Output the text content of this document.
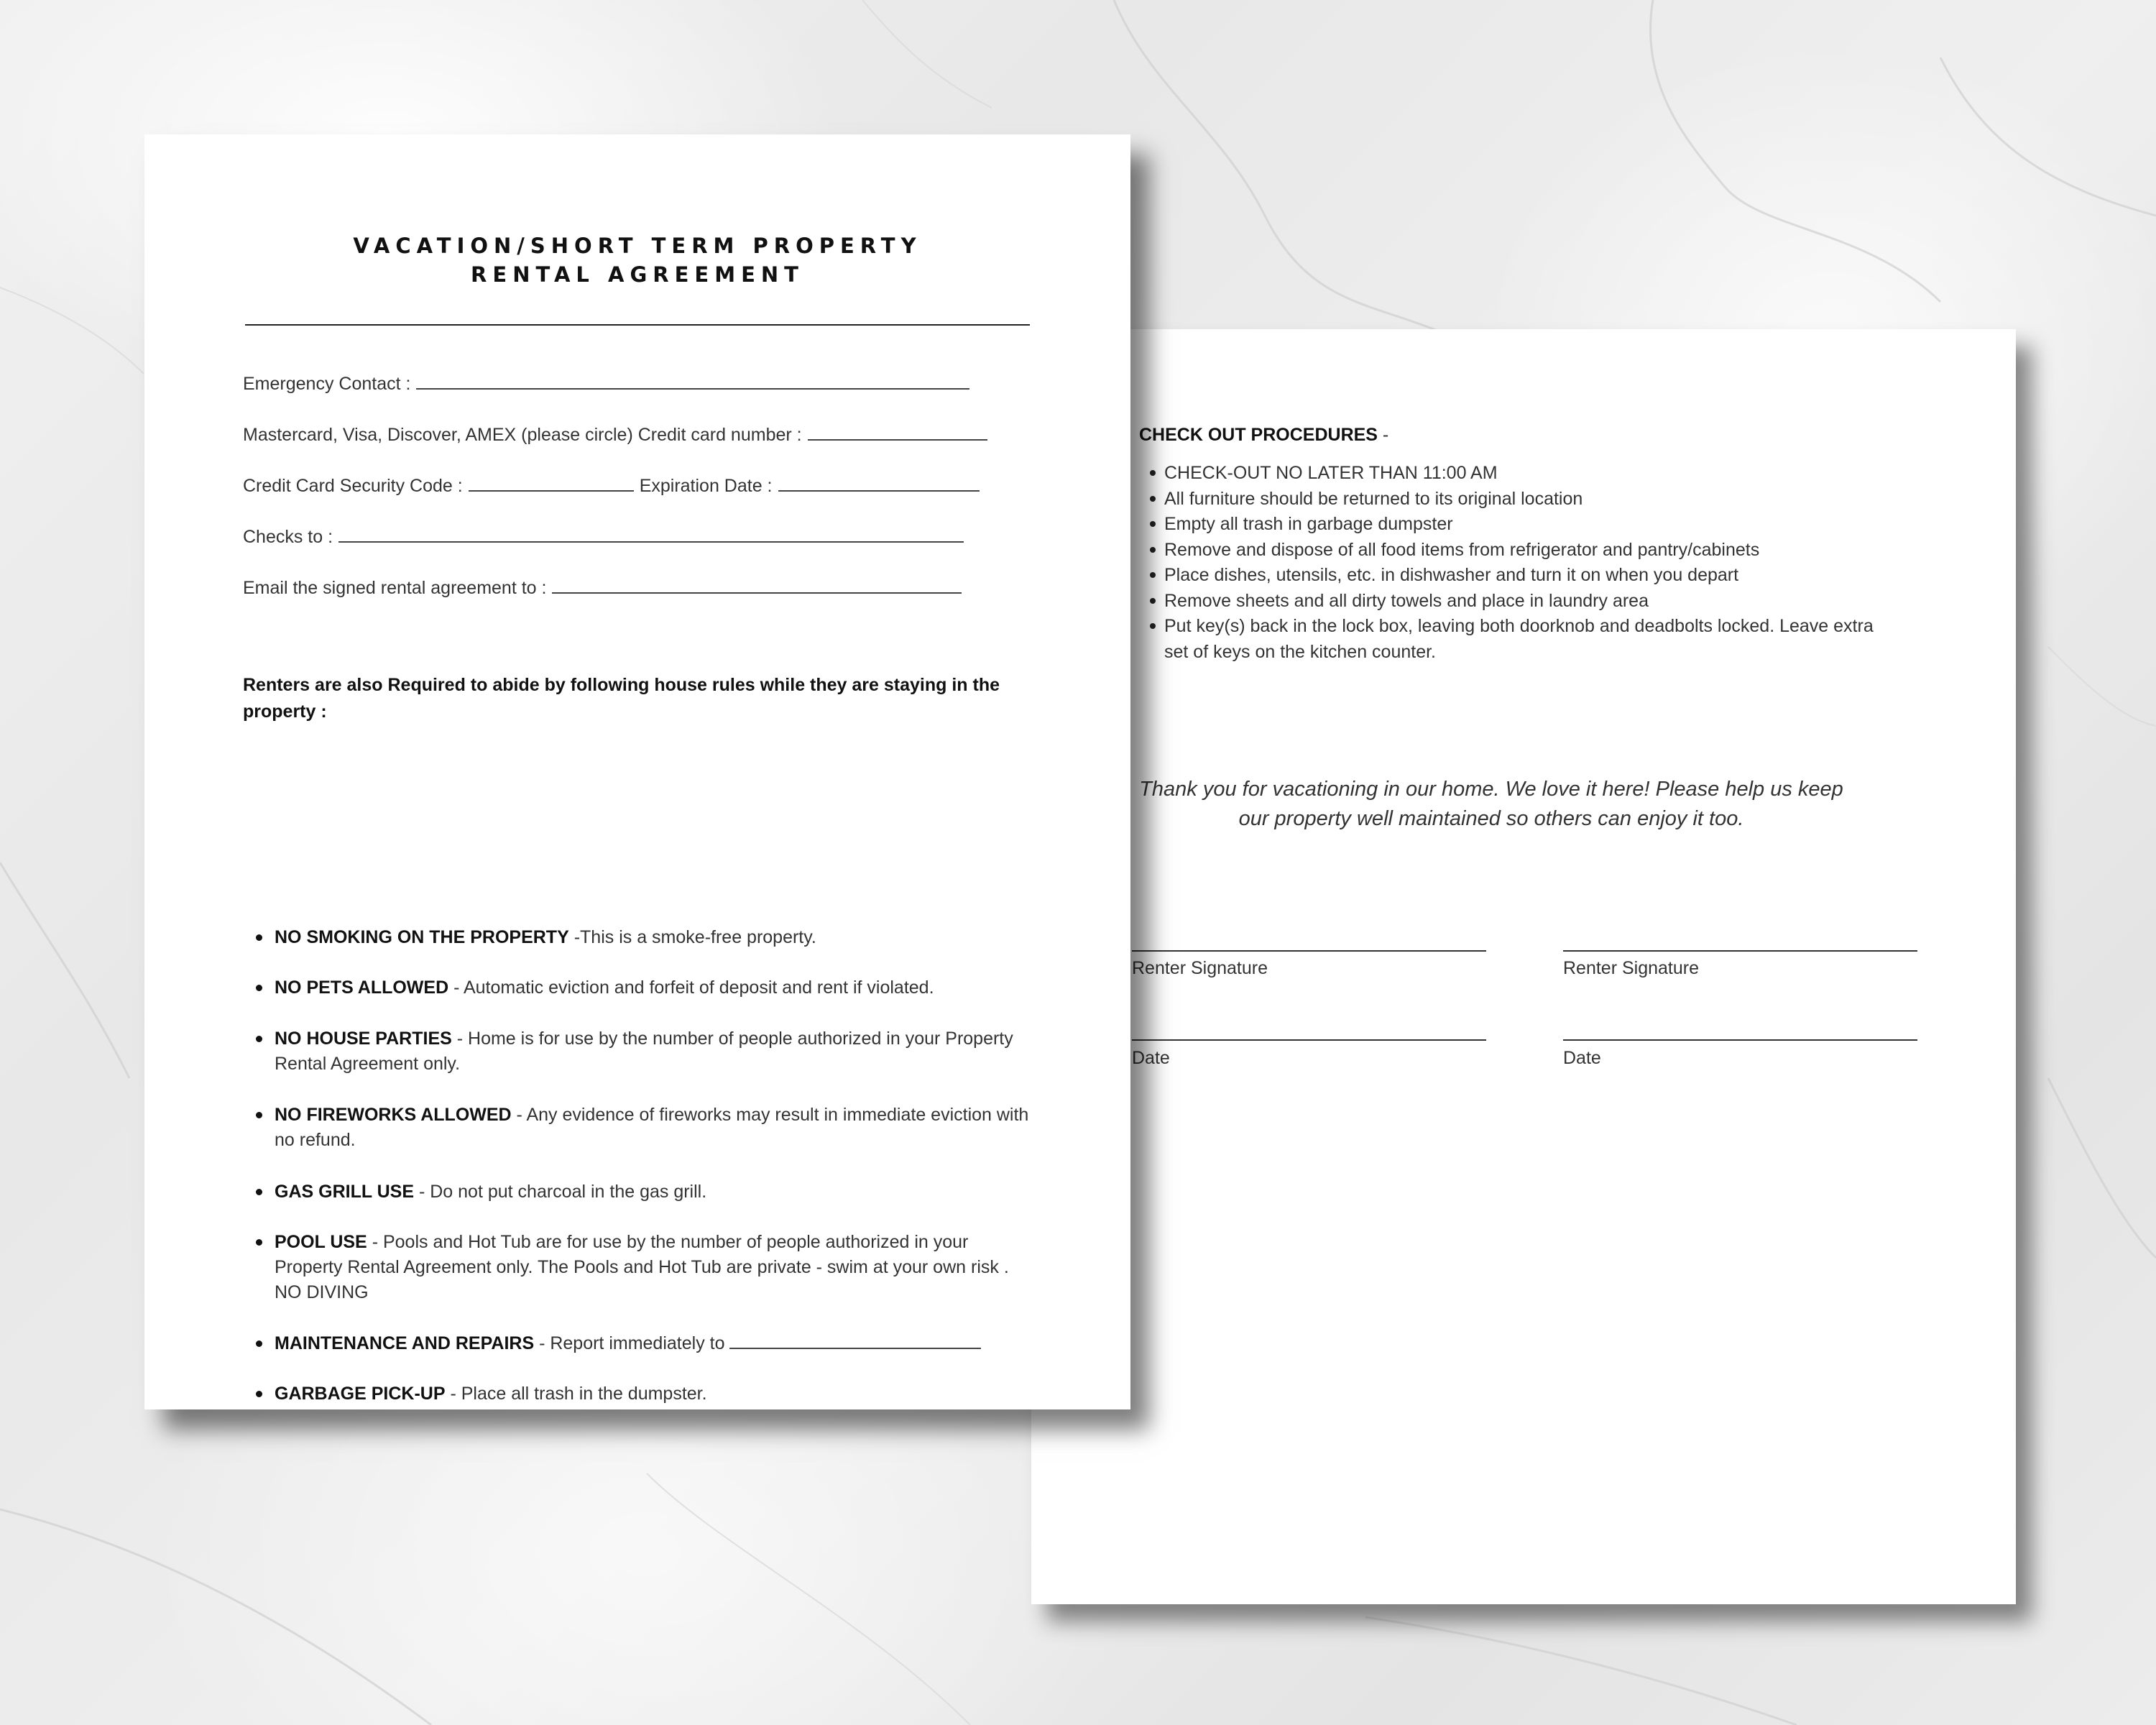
CHECK OUT PROCEDURES -
CHECK-OUT NO LATER THAN 11:00 AM
All furniture should be returned to its original location
Empty all trash in garbage dumpster
Remove and dispose of all food items from refrigerator and pantry/cabinets
Place dishes, utensils, etc. in dishwasher and turn it on when you depart
Remove sheets and all dirty towels and place in laundry area
Put key(s) back in the lock box, leaving both doorknob and deadbolts locked. Leave extra set of keys on the kitchen counter.
Thank you for vacationing in our home. We love it here! Please help us keep our property well maintained so others can enjoy it too.
Renter Signature	Renter Signature
Date	Date
VACATION/SHORT TERM PROPERTY
RENTAL AGREEMENT
Emergency Contact :
Mastercard, Visa, Discover, AMEX (please circle) Credit card number :
Credit Card Security Code :	Expiration Date :
Checks to :
Email the signed rental agreement to :
Renters are also Required to abide by following house rules while they are staying in the property :
NO SMOKING ON THE PROPERTY -This is a smoke-free property.
NO PETS ALLOWED - Automatic eviction and forfeit of deposit and rent if violated.
NO HOUSE PARTIES - Home is for use by the number of people authorized in your Property Rental Agreement only.
NO FIREWORKS ALLOWED - Any evidence of fireworks may result in immediate eviction with no refund.
GAS GRILL USE - Do not put charcoal in the gas grill.
POOL USE - Pools and Hot Tub are for use by the number of people authorized in your Property Rental Agreement only. The Pools and Hot Tub are private - swim at your own risk . NO DIVING
MAINTENANCE AND REPAIRS - Report immediately to
GARBAGE PICK-UP - Place all trash in the dumpster.
